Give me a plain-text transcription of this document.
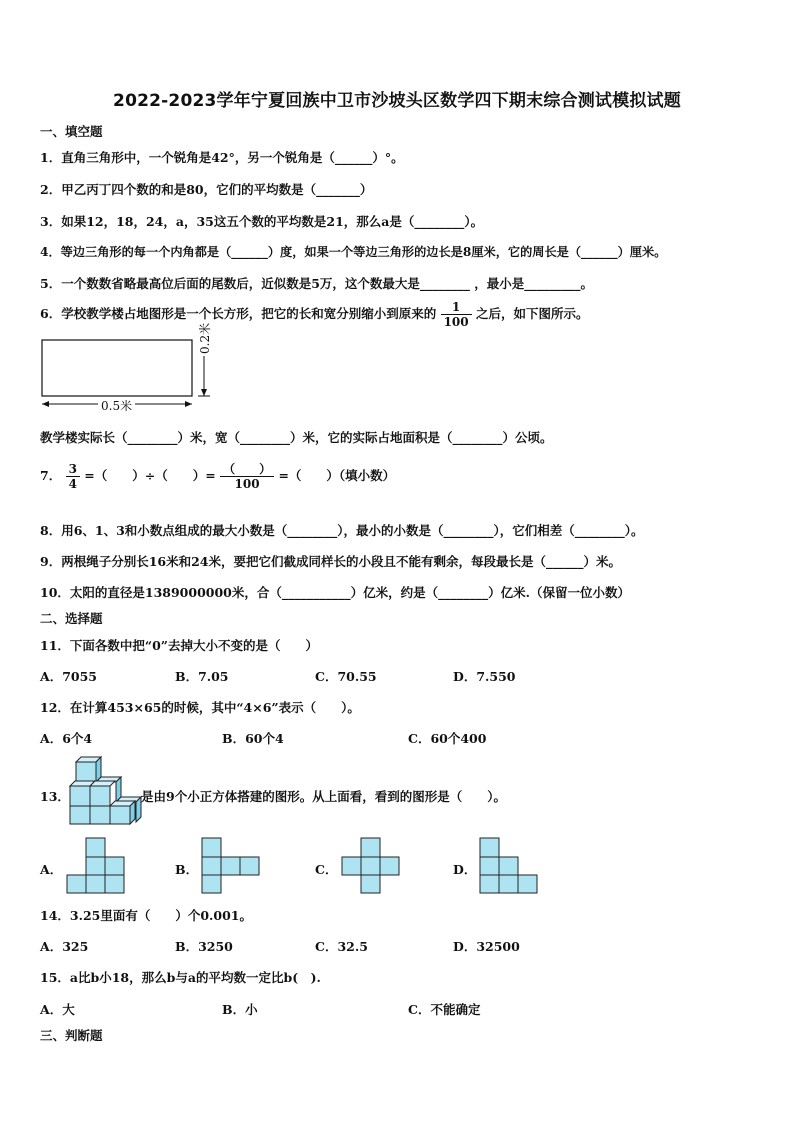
2022-2023学年宁夏回族中卫市沙坡头区数学四下期末综合测试模拟试题
一、填空题
1．直角三角形中，一个锐角是42°，另一个锐角是（______）°。
2．甲乙丙丁四个数的和是80，它们的平均数是（_______）
3．如果12，18，24，a，35这五个数的平均数是21，那么a是（________）。
4．等边三角形的每一个内角都是（______）度，如果一个等边三角形的边长是8厘米，它的周长是（______）厘米。
5．一个数数省略最高位后面的尾数后，近似数是5万，这个数最大是________ ，最小是_________。
6．学校教学楼占地图形是一个长方形，把它的长和宽分别缩小到原来的 $\frac{1}{100}$ 之后，如下图所示。
0.2米
0.5米
教学楼实际长（________）米，宽（________）米，它的实际占地面积是（________）公顷。
7． $\frac{3}{4}$ =（　　）÷（　　）= $\frac{( )}{100}$ =（　　）（填小数）
8．用6、1、3和小数点组成的最大小数是（________），最小的小数是（________），它们相差（________）。
9．两根绳子分别长16米和24米，要把它们截成同样长的小段且不能有剩余，每段最长是（______）米。
10．太阳的直径是1389000000米，合（___________）亿米，约是（________）亿米.（保留一位小数）
二、选择题
11．下面各数中把“0”去掉大小不变的是（　　）
A．7055	B．7.05	C．70.55	D．7.550
12．在计算453×65的时候，其中“4×6”表示（　　）。
A．6个4	B．60个4	C．60个400
13．	是由9个小正方体搭建的图形。从上面看，看到的图形是（　　）。
A．	B．	C．	D．
14．3.25里面有（　　）个0.001。
A．325	B．3250	C．32.5	D．32500
15．a比b小18，那么b与a的平均数一定比b(　).
A．大	B．小	C．不能确定
三、判断题
